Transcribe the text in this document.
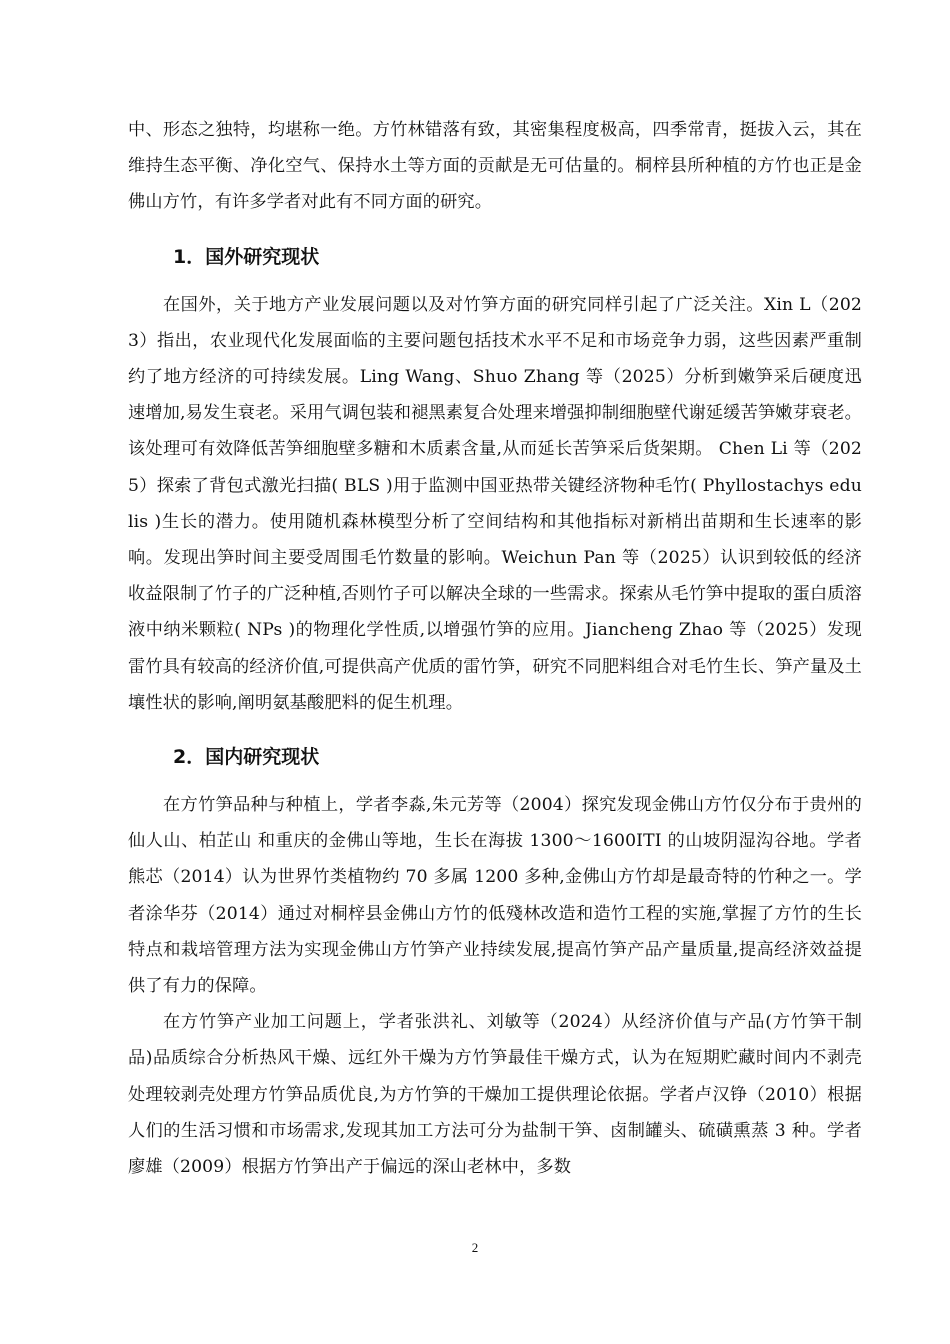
中、形态之独特，均堪称一绝。方竹林错落有致，其密集程度极高，四季常青，挺拔入云，其在维持生态平衡、净化空气、保持水土等方面的贡献是无可估量的。桐梓县所种植的方竹也正是金佛山方竹，有许多学者对此有不同方面的研究。

1．国外研究现状

在国外，关于地方产业发展问题以及对竹笋方面的研究同样引起了广泛关注。Xin L（2023）指出，农业现代化发展面临的主要问题包括技术水平不足和市场竞争力弱，这些因素严重制约了地方经济的可持续发展。Ling Wang、Shuo Zhang 等（2025）分析到嫩笋采后硬度迅速增加,易发生衰老。采用气调包装和褪黑素复合处理来增强抑制细胞壁代谢延缓苦笋嫩芽衰老。该处理可有效降低苦笋细胞壁多糖和木质素含量,从而延长苦笋采后货架期。 Chen Li 等（2025）探索了背包式激光扫描( BLS )用于监测中国亚热带关键经济物种毛竹( Phyllostachys edulis )生长的潜力。使用随机森林模型分析了空间结构和其他指标对新梢出苗期和生长速率的影响。发现出笋时间主要受周围毛竹数量的影响。Weichun Pan 等（2025）认识到较低的经济收益限制了竹子的广泛种植,否则竹子可以解决全球的一些需求。探索从毛竹笋中提取的蛋白质溶液中纳米颗粒( NPs )的物理化学性质,以增强竹笋的应用。Jiancheng Zhao 等（2025）发现雷竹具有较高的经济价值,可提供高产优质的雷竹笋，研究不同肥料组合对毛竹生长、笋产量及土壤性状的影响,阐明氨基酸肥料的促生机理。

2．国内研究现状

在方竹笋品种与种植上，学者李淼,朱元芳等（2004）探究发现金佛山方竹仅分布于贵州的仙人山、柏芷山 和重庆的金佛山等地，生长在海拔 1300～1600ITI 的山坡阴湿沟谷地。学者熊芯（2014）认为世界竹类植物约 70 多属 1200 多种,金佛山方竹却是最奇特的竹种之一。学者涂华芬（2014）通过对桐梓县金佛山方竹的低殘林改造和造竹工程的实施,掌握了方竹的生长特点和栽培管理方法为实现金佛山方竹笋产业持续发展,提高竹笋产品产量质量,提高经济效益提供了有力的保障。

在方竹笋产业加工问题上，学者张洪礼、刘敏等（2024）从经济价值与产品(方竹笋干制品)品质综合分析热风干燥、远红外干燥为方竹笋最佳干燥方式，认为在短期贮藏时间内不剥壳处理较剥壳处理方竹笋品质优良,为方竹笋的干燥加工提供理论依据。学者卢汉铮（2010）根据人们的生活习惯和市场需求,发现其加工方法可分为盐制干笋、卤制罐头、硫磺熏蒸 3 种。学者廖雄（2009）根据方竹笋出产于偏远的深山老林中，多数

2
